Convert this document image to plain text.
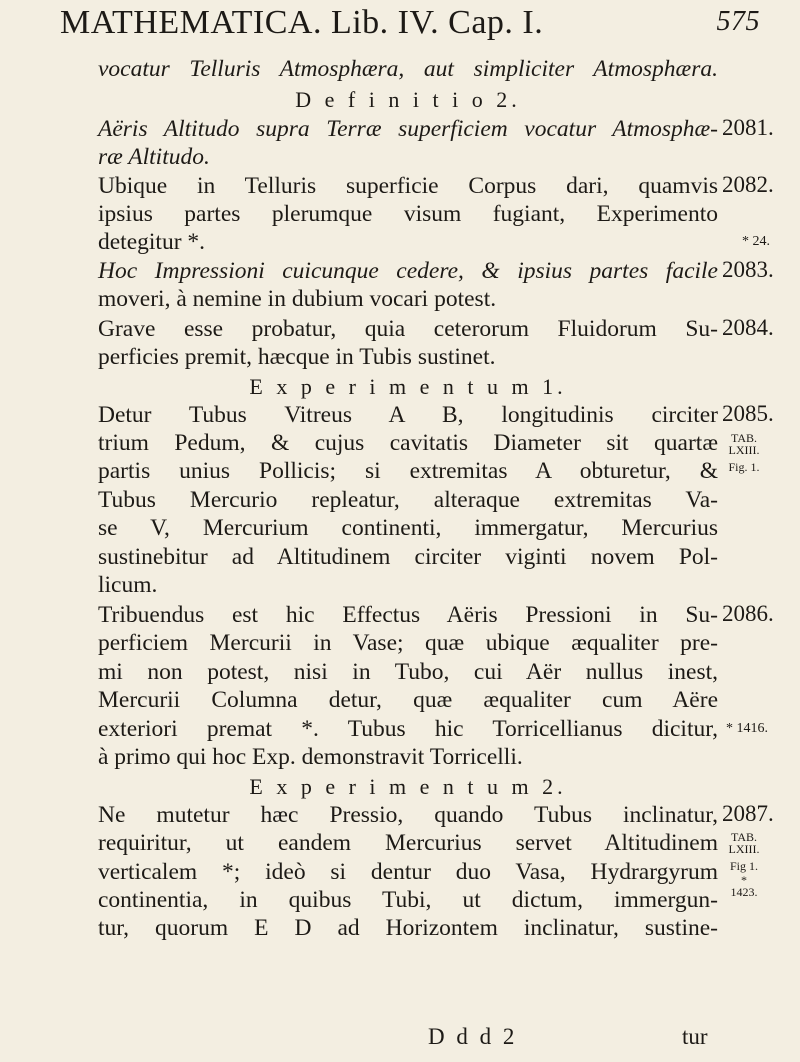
MATHEMATICA. Lib. IV. Cap. I.	575
vocatur Telluris Atmosphæra, aut simpliciter Atmosphæra.
D e f i n i t i o 2.
Aëris Altitudo supra Terræ superficiem vocatur Atmosphæ-
ræ Altitudo.
Ubique in Telluris superficie Corpus dari, quamvis
ipsius partes plerumque visum fugiant, Experimento
detegitur *.
Hoc Impressioni cuicunque cedere, & ipsius partes facile
moveri, à nemine in dubium vocari potest.
Grave esse probatur, quia ceterorum Fluidorum Su-
perficies premit, hæcque in Tubis sustinet.
E x p e r i m e n t u m 1.
Detur Tubus Vitreus A B, longitudinis circiter
trium Pedum, & cujus cavitatis Diameter sit quartæ
partis unius Pollicis; si extremitas A obturetur, &
Tubus Mercurio repleatur, alteraque extremitas Va-
se V, Mercurium continenti, immergatur, Mercurius
sustinebitur ad Altitudinem circiter viginti novem Pol-
licum.
Tribuendus est hic Effectus Aëris Pressioni in Su-
perficiem Mercurii in Vase; quæ ubique æqualiter pre-
mi non potest, nisi in Tubo, cui Aër nullus inest,
Mercurii Columna detur, quæ æqualiter cum Aëre
exteriori premat *. Tubus hic Torricellianus dicitur,
à primo qui hoc Exp. demonstravit Torricelli.
E x p e r i m e n t u m 2.
Ne mutetur hæc Pressio, quando Tubus inclinatur,
requiritur, ut eandem Mercurius servet Altitudinem
verticalem *; ideò si dentur duo Vasa, Hydrargyrum
continentia, in quibus Tubi, ut dictum, immergun-
tur, quorum E D ad Horizontem inclinatur, sustine-
2081.
2082.
* 24.
2083.
2084.
2085.
TAB.
LXIII.
Fig. 1.
2086.
* 1416.
2087.
TAB.
LXIII.
Fig 1.
* 1423.
D d d 2	tur
